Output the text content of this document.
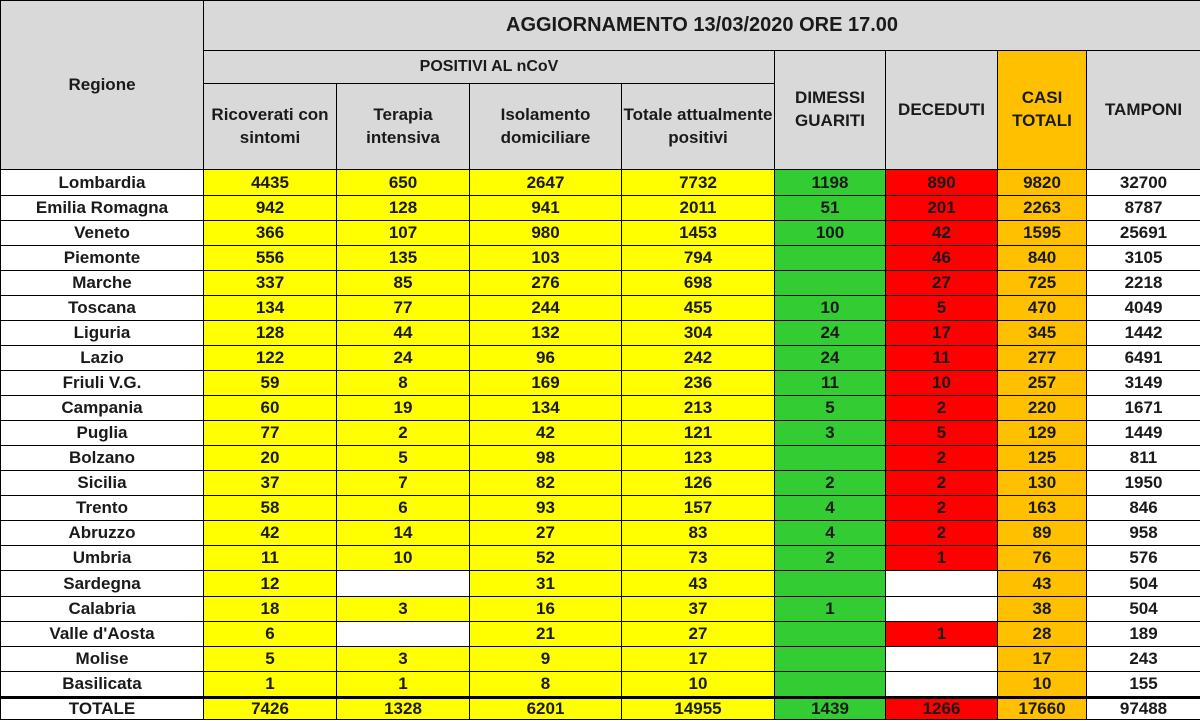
Regione	AGGIORNAMENTO 13/03/2020 ORE 17.00							
	POSITIVI AL nCoV				DIMESSI GUARITI	DECEDUTI	CASI TOTALI	TAMPONI
	Ricoverati con sintomi	Terapia intensiva	Isolamento domiciliare	Totale attualmente positivi				
Lombardia	4435	650	2647	7732	1198	890	9820	32700
Emilia Romagna	942	128	941	2011	51	201	2263	8787
Veneto	366	107	980	1453	100	42	1595	25691
Piemonte	556	135	103	794		46	840	3105
Marche	337	85	276	698		27	725	2218
Toscana	134	77	244	455	10	5	470	4049
Liguria	128	44	132	304	24	17	345	1442
Lazio	122	24	96	242	24	11	277	6491
Friuli V.G.	59	8	169	236	11	10	257	3149
Campania	60	19	134	213	5	2	220	1671
Puglia	77	2	42	121	3	5	129	1449
Bolzano	20	5	98	123		2	125	811
Sicilia	37	7	82	126	2	2	130	1950
Trento	58	6	93	157	4	2	163	846
Abruzzo	42	14	27	83	4	2	89	958
Umbria	11	10	52	73	2	1	76	576
Sardegna	12		31	43			43	504
Calabria	18	3	16	37	1		38	504
Valle d'Aosta	6		21	27		1	28	189
Molise	5	3	9	17			17	243
Basilicata	1	1	8	10			10	155
TOTALE	7426	1328	6201	14955	1439	1266	17660	97488
